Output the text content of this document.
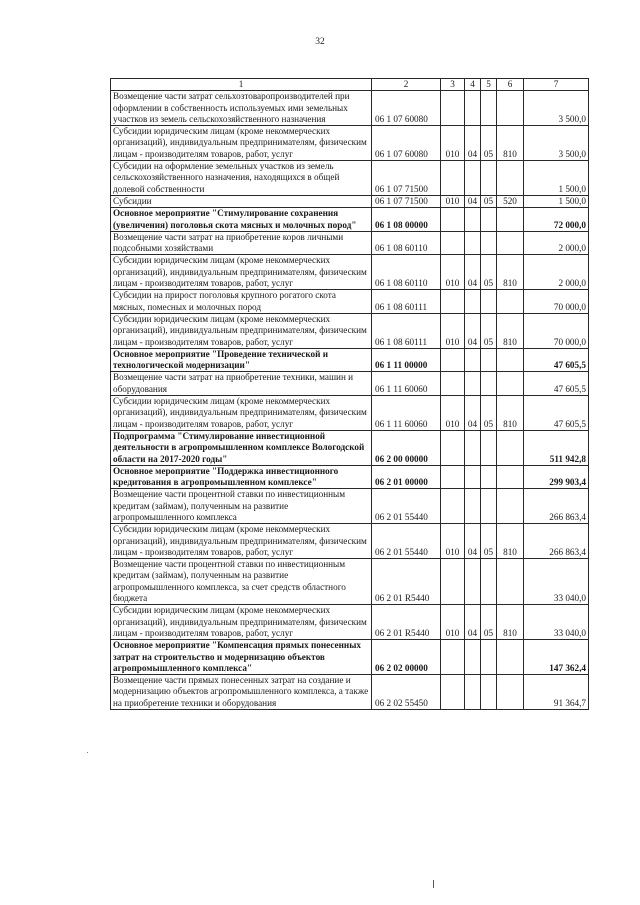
32
1	2	3	4	5	6	7
Возмещение части затрат сельхозтоваропроизводителей при оформлении в собственность используемых ими земельных участков из земель сельскохозяйственного назначения	06 1 07 60080					3 500,0
Субсидии юридическим лицам (кроме некоммерческих организаций), индивидуальным предпринимателям, физическим лицам - производителям товаров, работ, услуг	06 1 07 60080	010	04	05	810	3 500,0
Субсидии на оформление земельных участков из земель сельскохозяйственного назначения, находящихся в общей долевой собственности	06 1 07 71500					1 500,0
Субсидии	06 1 07 71500	010	04	05	520	1 500,0
Основное мероприятие "Стимулирование сохранения (увеличения) поголовья скота мясных и молочных пород"	06 1 08 00000					72 000,0
Возмещение части затрат на приобретение коров личными подсобными хозяйствами	06 1 08 60110					2 000,0
Субсидии юридическим лицам (кроме некоммерческих организаций), индивидуальным предпринимателям, физическим лицам - производителям товаров, работ, услуг	06 1 08 60110	010	04	05	810	2 000,0
Субсидии на прирост поголовья крупного рогатого скота мясных, помесных и молочных пород	06 1 08 60111					70 000,0
Субсидии юридическим лицам (кроме некоммерческих организаций), индивидуальным предпринимателям, физическим лицам - производителям товаров, работ, услуг	06 1 08 60111	010	04	05	810	70 000,0
Основное мероприятие "Проведение технической и технологической модернизации"	06 1 11 00000					47 605,5
Возмещение части затрат на приобретение техники, машин и оборудования	06 1 11 60060					47 605,5
Субсидии юридическим лицам (кроме некоммерческих организаций), индивидуальным предпринимателям, физическим лицам - производителям товаров, работ, услуг	06 1 11 60060	010	04	05	810	47 605,5
Подпрограмма "Стимулирование инвестиционной деятельности в агропромышленном комплексе Вологодской области на 2017-2020 годы"	06 2 00 00000					511 942,8
Основное мероприятие "Поддержка инвестиционного кредитования в агропромышленном комплексе"	06 2 01 00000					299 903,4
Возмещение части процентной ставки по инвестиционным кредитам (займам), полученным на развитие агропромышленного комплекса	06 2 01 55440					266 863,4
Субсидии юридическим лицам (кроме некоммерческих организаций), индивидуальным предпринимателям, физическим лицам - производителям товаров, работ, услуг	06 2 01 55440	010	04	05	810	266 863,4
Возмещение части процентной ставки по инвестиционным кредитам (займам), полученным на развитие агропромышленного комплекса, за счет средств областного бюджета	06 2 01 R5440					33 040,0
Субсидии юридическим лицам (кроме некоммерческих организаций), индивидуальным предпринимателям, физическим лицам - производителям товаров, работ, услуг	06 2 01 R5440	010	04	05	810	33 040,0
Основное мероприятие "Компенсация прямых понесенных затрат на строительство и модернизацию объектов агропромышленного комплекса"	06 2 02 00000					147 362,4
Возмещение части прямых понесенных затрат на создание и модернизацию объектов агропромышленного комплекса, а также на приобретение техники и оборудования	06 2 02 55450					91 364,7
